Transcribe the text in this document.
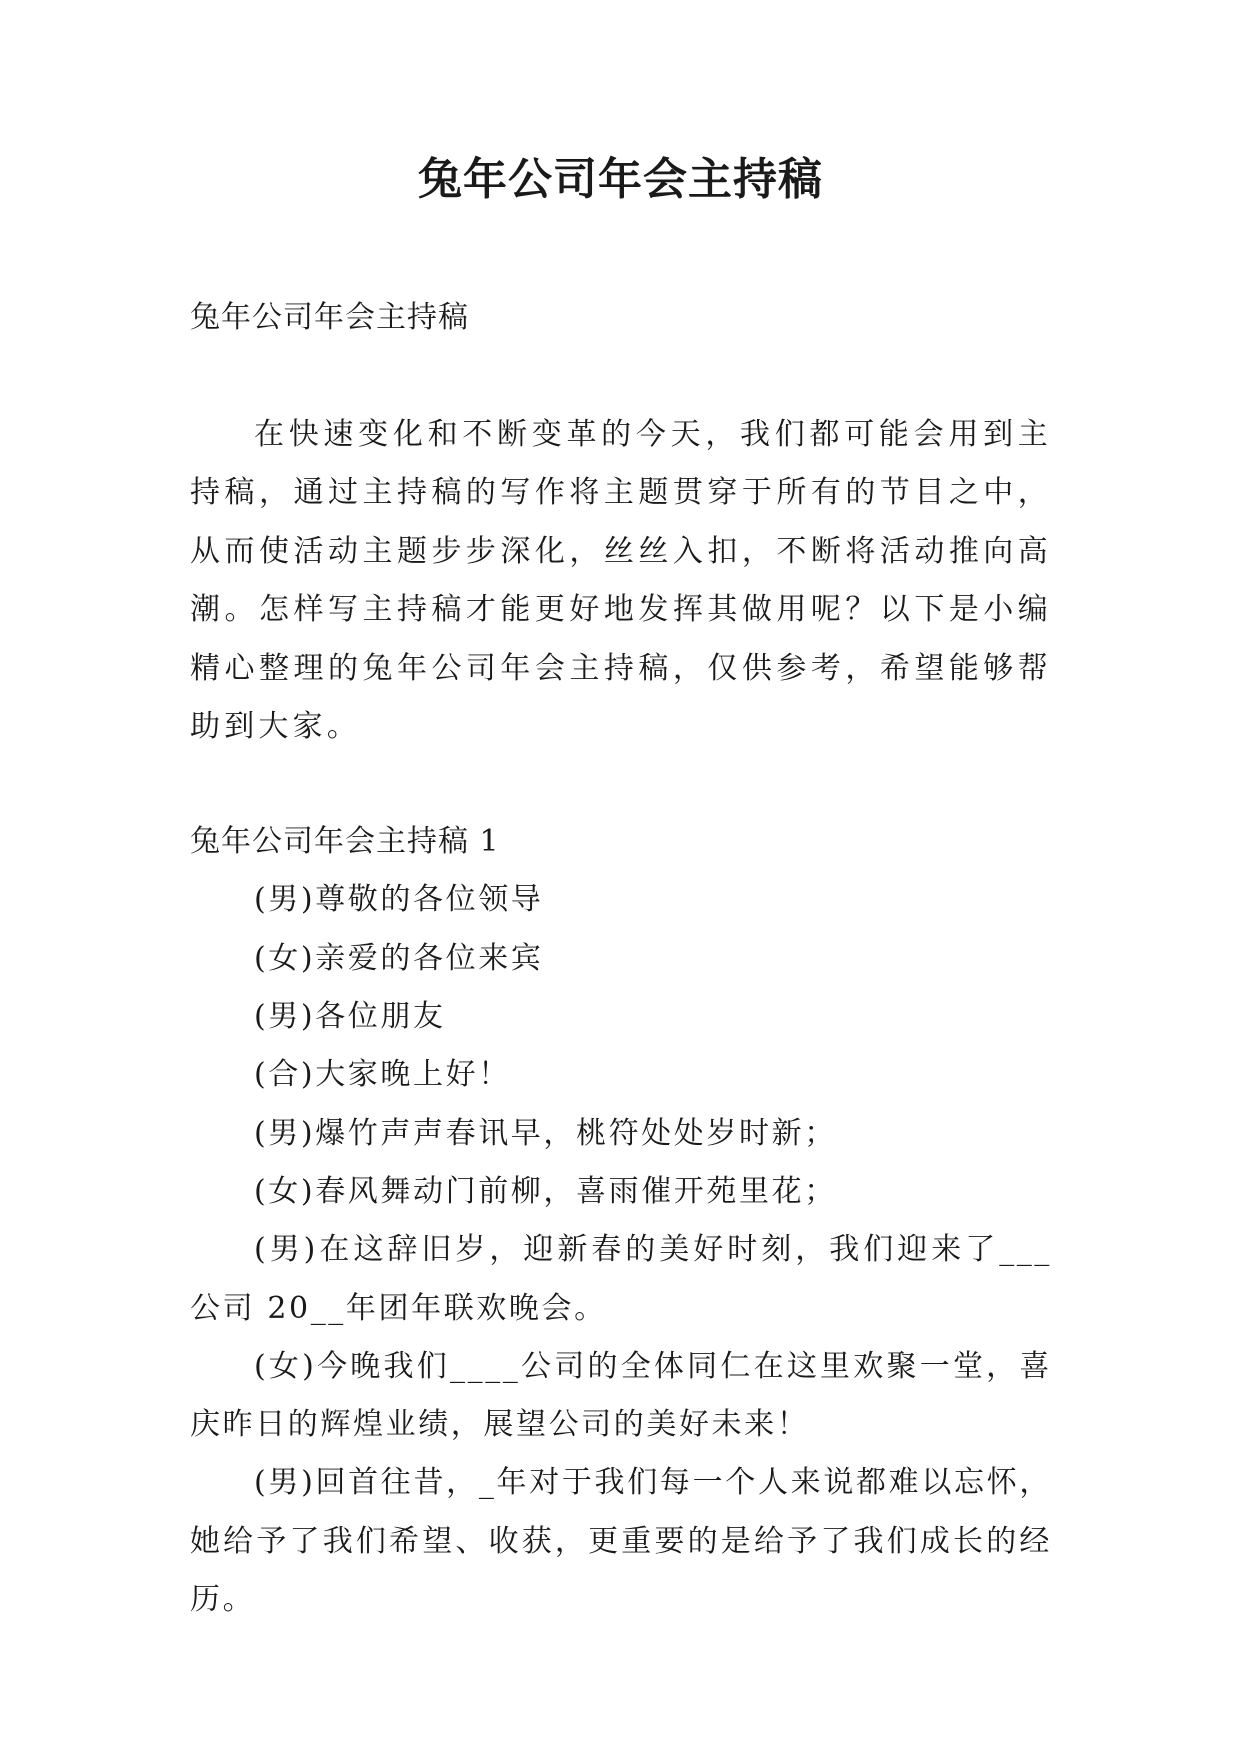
兔年公司年会主持稿

兔年公司年会主持稿

在快速变化和不断变革的今天，我们都可能会用到主持稿，通过主持稿的写作将主题贯穿于所有的节目之中，从而使活动主题步步深化，丝丝入扣，不断将活动推向高潮。怎样写主持稿才能更好地发挥其做用呢？以下是小编精心整理的兔年公司年会主持稿，仅供参考，希望能够帮助到大家。

兔年公司年会主持稿 1

(男)尊敬的各位领导

(女)亲爱的各位来宾

(男)各位朋友

(合)大家晚上好！

(男)爆竹声声春讯早，桃符处处岁时新；

(女)春风舞动门前柳，喜雨催开苑里花；

(男)在这辞旧岁，迎新春的美好时刻，我们迎来了___公司 20__年团年联欢晚会。

(女)今晚我们____公司的全体同仁在这里欢聚一堂，喜庆昨日的辉煌业绩，展望公司的美好未来！

(男)回首往昔，_年对于我们每一个人来说都难以忘怀，她给予了我们希望、收获，更重要的是给予了我们成长的经历。
